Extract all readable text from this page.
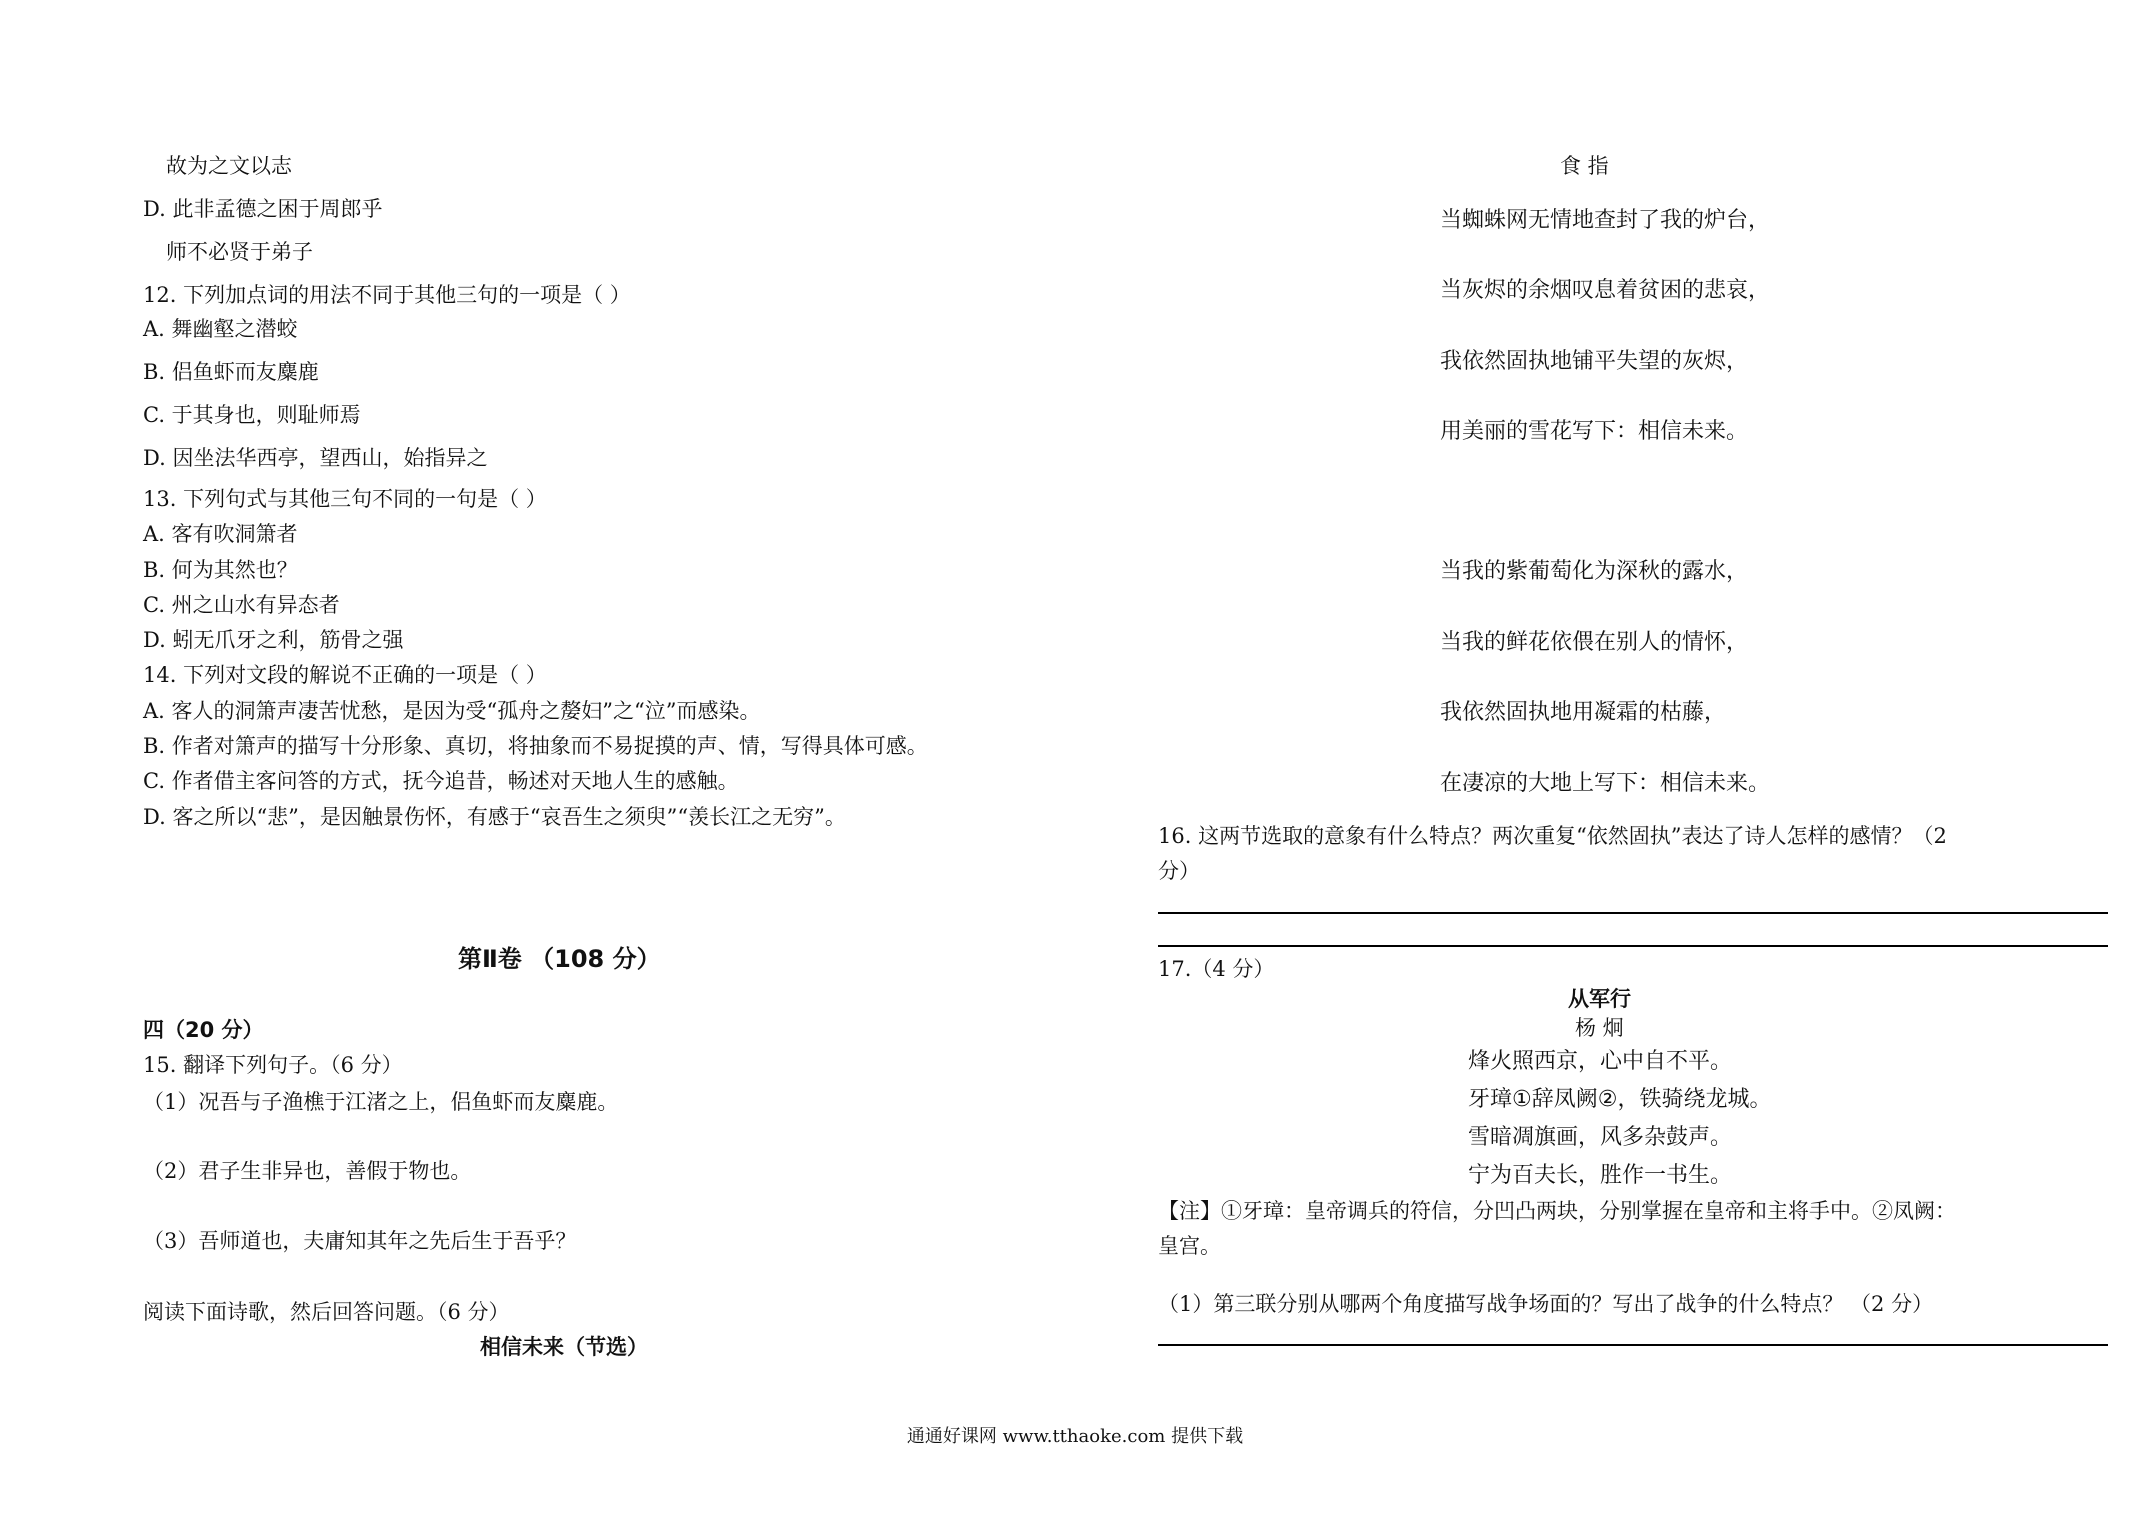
故为之文以志
D. 此非孟德之困于周郎乎
师不必贤于弟子
12. 下列加点词的用法不同于其他三句的一项是（ ）
A. 舞幽壑之潜蛟
B. 侣鱼虾而友麋鹿
C. 于其身也，则耻师焉
D. 因坐法华西亭，望西山，始指异之
13. 下列句式与其他三句不同的一句是（ ）
A. 客有吹洞箫者
B. 何为其然也？
C. 州之山水有异态者
D. 蚓无爪牙之利，筋骨之强
14. 下列对文段的解说不正确的一项是（ ）
A. 客人的洞箫声凄苦忧愁，是因为受“孤舟之嫠妇”之“泣”而感染。
B. 作者对箫声的描写十分形象、真切，将抽象而不易捉摸的声、情，写得具体可感。
C. 作者借主客问答的方式，抚今追昔，畅述对天地人生的感触。
D. 客之所以“悲”，是因触景伤怀，有感于“哀吾生之须臾”“羡长江之无穷”。
第Ⅱ卷 （108 分）
四（20 分）
15. 翻译下列句子。（6 分）
（1）况吾与子渔樵于江渚之上，侣鱼虾而友麋鹿。
（2）君子生非异也，善假于物也。
（3）吾师道也，夫庸知其年之先后生于吾乎？
阅读下面诗歌，然后回答问题。（6 分）
相信未来（节选）
食 指
当蜘蛛网无情地查封了我的炉台，
当灰烬的余烟叹息着贫困的悲哀，
我依然固执地铺平失望的灰烬，
用美丽的雪花写下：相信未来。
当我的紫葡萄化为深秋的露水，
当我的鲜花依偎在别人的情怀，
我依然固执地用凝霜的枯藤，
在凄凉的大地上写下：相信未来。
16. 这两节选取的意象有什么特点？两次重复“依然固执”表达了诗人怎样的感情？（2
分）
17.（4 分）
从军行
杨 炯
烽火照西京，心中自不平。
牙璋①辞凤阙②，铁骑绕龙城。
雪暗凋旗画，风多杂鼓声。
宁为百夫长，胜作一书生。
【注】①牙璋：皇帝调兵的符信，分凹凸两块，分别掌握在皇帝和主将手中。②凤阙：
皇宫。
（1）第三联分别从哪两个角度描写战争场面的？写出了战争的什么特点？ （2 分）
通通好课网 www.tthaoke.com 提供下载
